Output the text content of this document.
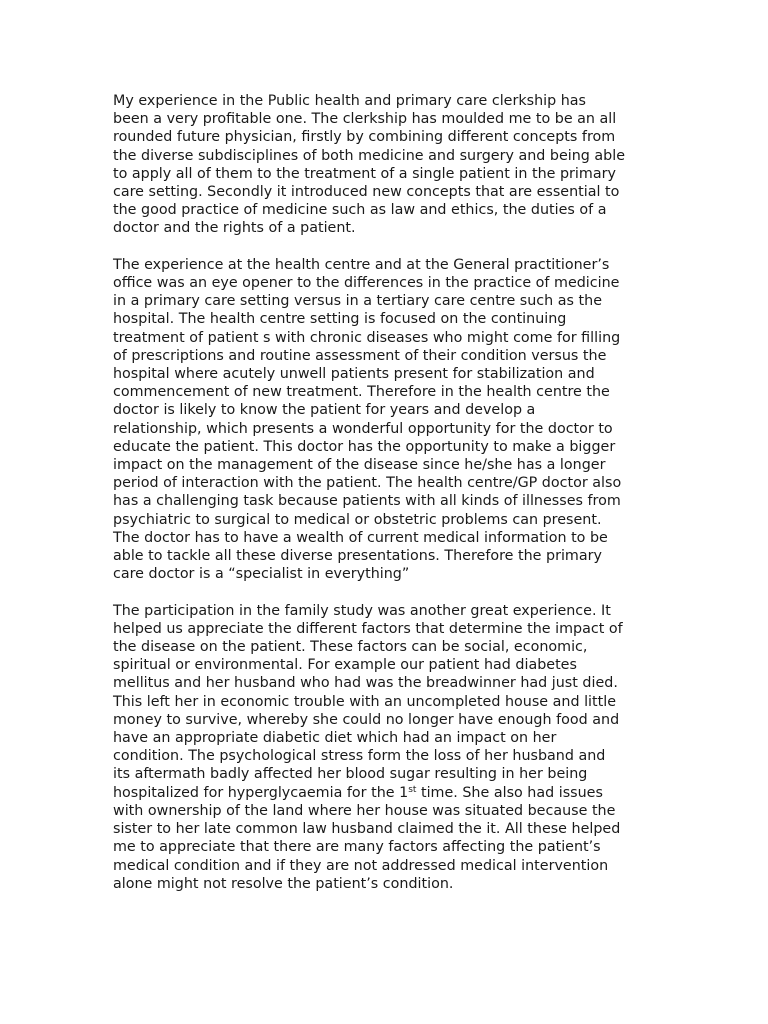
My experience in the Public health and primary care clerkship has
been a very profitable one. The clerkship has moulded me to be an all
rounded future physician, firstly by combining different concepts from
the diverse subdisciplines of both medicine and surgery and being able
to apply all of them to the treatment of a single patient in the primary
care setting. Secondly it introduced new concepts that are essential to
the good practice of medicine such as law and ethics, the duties of a
doctor and the rights of a patient.

The experience at the health centre and at the General practitioner’s
office was an eye opener to the differences in the practice of medicine
in a primary care setting versus in a tertiary care centre such as the
hospital. The health centre setting is focused on the continuing
treatment of patient s with chronic diseases who might come for filling
of prescriptions and routine assessment of their condition versus the
hospital where acutely unwell patients present for stabilization and
commencement of new treatment. Therefore in the health centre the
doctor is likely to know the patient for years and develop a
relationship, which presents a wonderful opportunity for the doctor to
educate the patient. This doctor has the opportunity to make a bigger
impact on the management of the disease since he/she has a longer
period of interaction with the patient. The health centre/GP doctor also
has a challenging task because patients with all kinds of illnesses from
psychiatric to surgical to medical or obstetric problems can present.
The doctor has to have a wealth of current medical information to be
able to tackle all these diverse presentations. Therefore the primary
care doctor is a “specialist in everything”

The participation in the family study was another great experience. It
helped us appreciate the different factors that determine the impact of
the disease on the patient. These factors can be social, economic,
spiritual or environmental. For example our patient had diabetes
mellitus and her husband who had was the breadwinner had just died.
This left her in economic trouble with an uncompleted house and little
money to survive, whereby she could no longer have enough food and
have an appropriate diabetic diet which had an impact on her
condition. The psychological stress form the loss of her husband and
its aftermath badly affected her blood sugar resulting in her being
hospitalized for hyperglycaemia for the 1st time. She also had issues
with ownership of the land where her house was situated because the
sister to her late common law husband claimed the it. All these helped
me to appreciate that there are many factors affecting the patient’s
medical condition and if they are not addressed medical intervention
alone might not resolve the patient’s condition.
